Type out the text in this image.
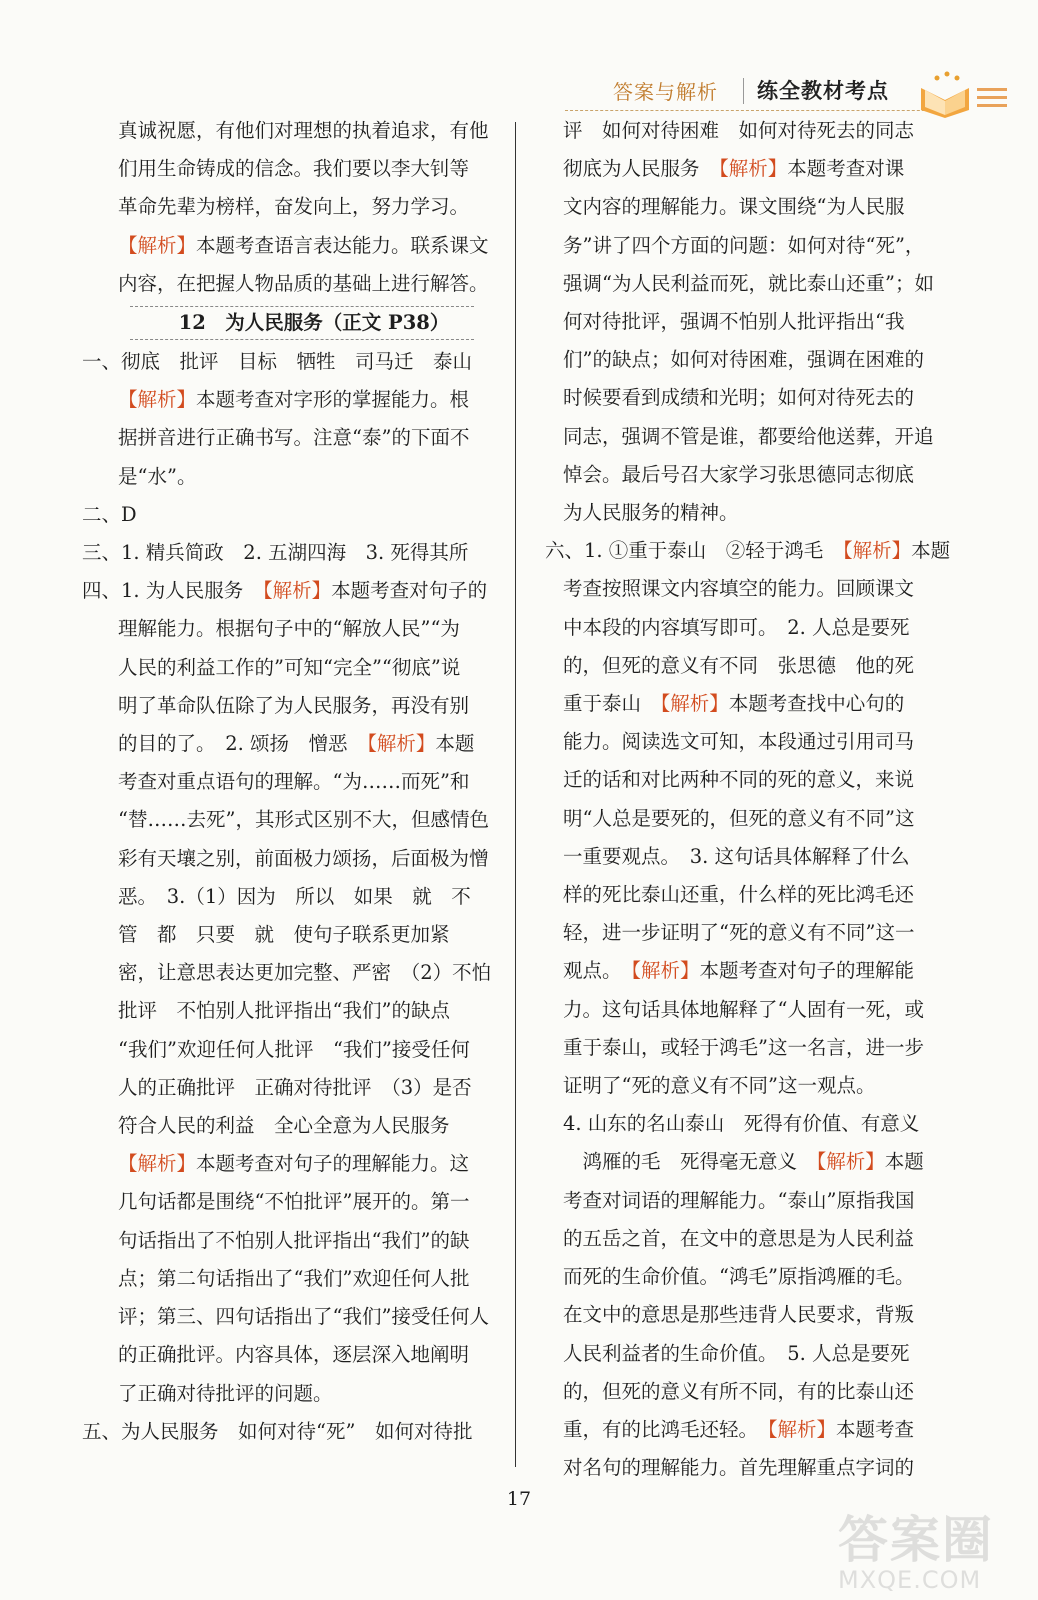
答案与解析 练全教材考点

真诚祝愿，有他们对理想的执着追求，有他

们用生命铸成的信念。我们要以李大钊等

革命先辈为榜样，奋发向上，努力学习。

【解析】本题考查语言表达能力。联系课文

内容，在把握人物品质的基础上进行解答。

12　为人民服务（正文 P38）

一、彻底　批评　目标　牺牲　司马迁　泰山

【解析】本题考查对字形的掌握能力。根

据拼音进行正确书写。注意“泰”的下面不

是“水”。

二、D

三、1. 精兵简政　2. 五湖四海　3. 死得其所

四、1. 为人民服务　【解析】本题考查对句子的

理解能力。根据句子中的“解放人民”“为

人民的利益工作的”可知“完全”“彻底”说

明了革命队伍除了为人民服务，再没有别

的目的了。　2. 颂扬　憎恶　【解析】本题

考查对重点语句的理解。“为……而死”和

“替……去死”，其形式区别不大，但感情色

彩有天壤之别，前面极力颂扬，后面极为憎

恶。　3.（1）因为　所以　如果　就　不

管　都　只要　就　使句子联系更加紧

密，让意思表达更加完整、严密　（2）不怕

批评　不怕别人批评指出“我们”的缺点

“我们”欢迎任何人批评　“我们”接受任何

人的正确批评　正确对待批评　（3）是否

符合人民的利益　全心全意为人民服务

【解析】本题考查对句子的理解能力。这

几句话都是围绕“不怕批评”展开的。第一

句话指出了不怕别人批评指出“我们”的缺

点；第二句话指出了“我们”欢迎任何人批

评；第三、四句话指出了“我们”接受任何人

的正确批评。内容具体，逐层深入地阐明

了正确对待批评的问题。

五、为人民服务　如何对待“死”　如何对待批

评　如何对待困难　如何对待死去的同志

彻底为人民服务　【解析】本题考查对课

文内容的理解能力。课文围绕“为人民服

务”讲了四个方面的问题：如何对待“死”，

强调“为人民利益而死，就比泰山还重”；如

何对待批评，强调不怕别人批评指出“我

们”的缺点；如何对待困难，强调在困难的

时候要看到成绩和光明；如何对待死去的

同志，强调不管是谁，都要给他送葬，开追

悼会。最后号召大家学习张思德同志彻底

为人民服务的精神。

六、1. ①重于泰山　②轻于鸿毛　【解析】本题

考查按照课文内容填空的能力。回顾课文

中本段的内容填写即可。　2. 人总是要死

的，但死的意义有不同　张思德　他的死

重于泰山　【解析】本题考查找中心句的

能力。阅读选文可知，本段通过引用司马

迁的话和对比两种不同的死的意义，来说

明“人总是要死的，但死的意义有不同”这

一重要观点。　3. 这句话具体解释了什么

样的死比泰山还重，什么样的死比鸿毛还

轻，进一步证明了“死的意义有不同”这一

观点。　【解析】本题考查对句子的理解能

力。这句话具体地解释了“人固有一死，或

重于泰山，或轻于鸿毛”这一名言，进一步

证明了“死的意义有不同”这一观点。

4. 山东的名山泰山　死得有价值、有意义

　鸿雁的毛　死得毫无意义　【解析】本题

考查对词语的理解能力。“泰山”原指我国

的五岳之首，在文中的意思是为人民利益

而死的生命价值。“鸿毛”原指鸿雁的毛。

在文中的意思是那些违背人民要求，背叛

人民利益者的生命价值。　5. 人总是要死

的，但死的意义有所不同，有的比泰山还

重，有的比鸿毛还轻。　【解析】本题考查

对名句的理解能力。首先理解重点字词的

17
答案圈
MXQE.COM
